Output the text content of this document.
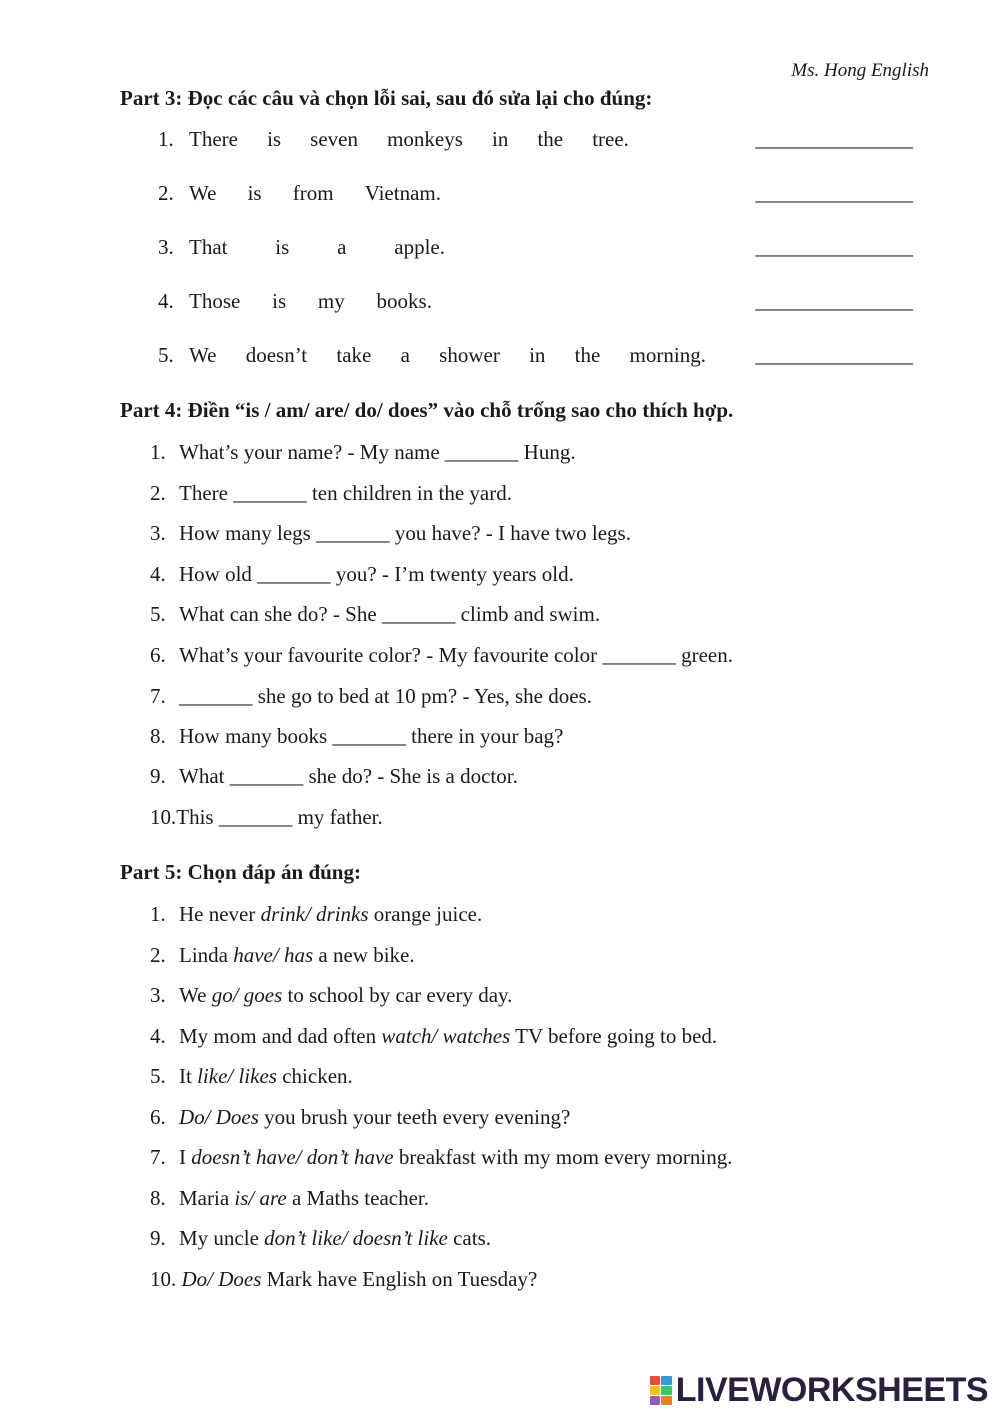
Ms. Hong English
Part 3: Đọc các câu và chọn lỗi sai, sau đó sửa lại cho đúng:
1. There is seven monkeys in the tree.	_______________
2. We is from Vietnam.	_______________
3. That is a apple.	_______________
4. Those is my books.	_______________
5. We doesn’t take a shower in the morning. _______________
Part 4: Điền “is / am/ are/ do/ does” vào chỗ trống sao cho thích hợp.
1. What’s your name? - My name _______ Hung.
2. There _______ ten children in the yard.
3. How many legs _______ you have? - I have two legs.
4. How old _______ you? - I’m twenty years old.
5. What can she do? - She _______ climb and swim.
6. What’s your favourite color? - My favourite color _______ green.
7. _______ she go to bed at 10 pm? - Yes, she does.
8. How many books _______ there in your bag?
9. What _______ she do? - She is a doctor.
10.This _______ my father.
Part 5: Chọn đáp án đúng:
1. He never drink/ drinks orange juice.
2. Linda have/ has a new bike.
3. We go/ goes to school by car every day.
4. My mom and dad often watch/ watches TV before going to bed.
5. It like/ likes chicken.
6. Do/ Does you brush your teeth every evening?
7. I doesn’t have/ don’t have breakfast with my mom every morning.
8. Maria is/ are a Maths teacher.
9. My uncle don’t like/ doesn’t like cats.
10. Do/ Does Mark have English on Tuesday?
LIVEWORKSHEETS
